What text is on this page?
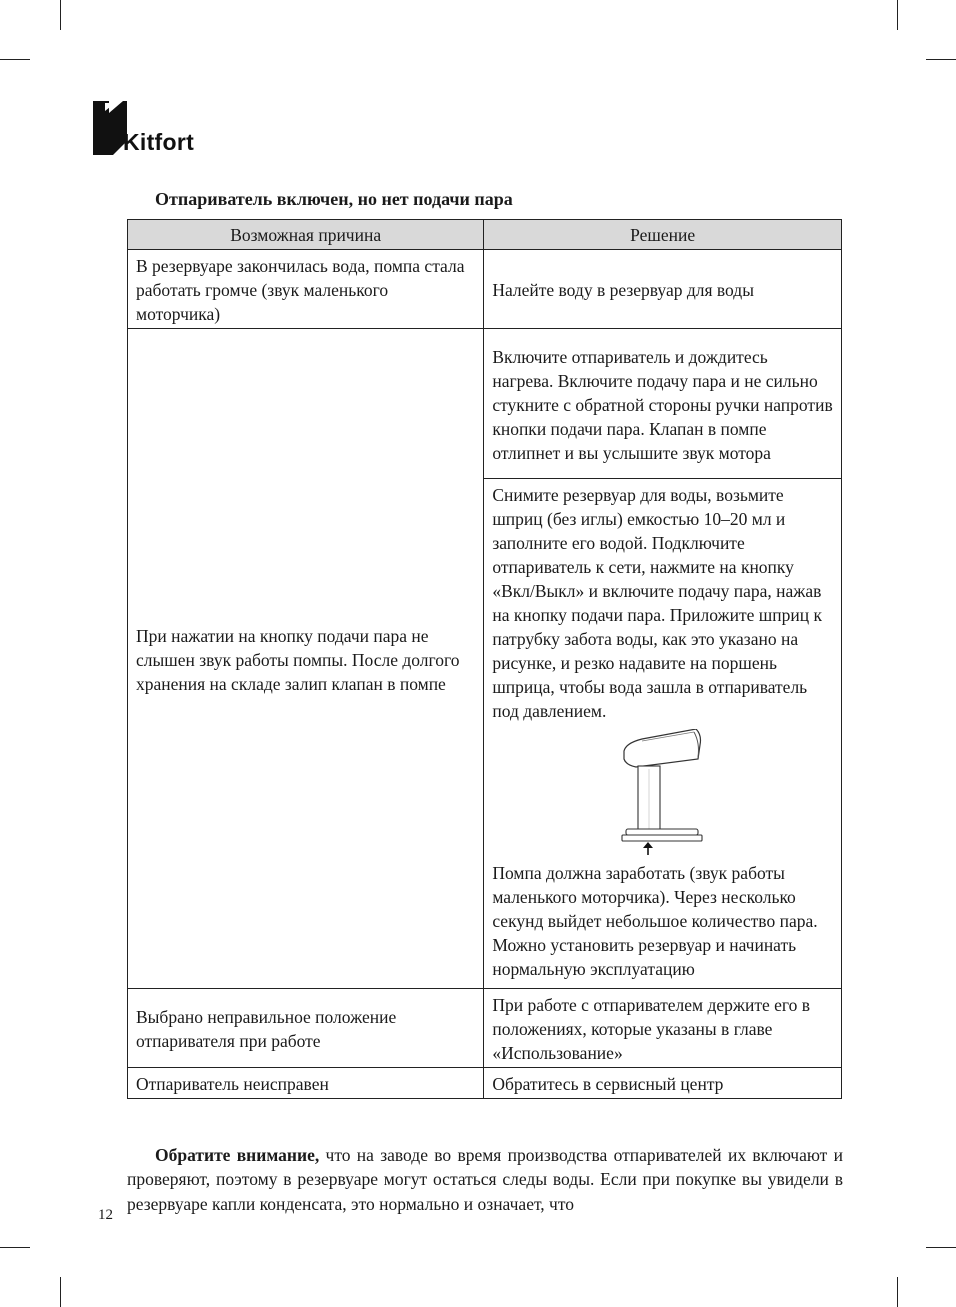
Kitfort
Отпариватель включен, но нет подачи пара
Возможная причина	Решение
В резервуаре закончилась вода, помпа стала работать громче (звук маленького моторчика)	Налейте воду в резервуар для воды
При нажатии на кнопку подачи пара не слышен звук работы помпы. После долгого хранения на складе залип клапан в помпе	Включите отпариватель и дождитесь нагрева. Включите подачу пара и не сильно стукните с обратной стороны ручки напротив кнопки подачи пара. Клапан в помпе отлипнет и вы услышите звук мотора

	Снимите резервуар для воды, возьмите шприц (без иглы) емкостью 10–20 мл и заполните его водой. Подключите отпариватель к сети, нажмите на кнопку «Вкл/Выкл» и включите подачу пара, нажав на кнопку подачи пара. Приложите шприц к патрубку забота воды, как это указано на рисунке, и резко надавите на поршень шприца, чтобы вода зашла в отпариватель под давлением.
Помпа должна заработать (звук работы маленького моторчика). Через несколько секунд выйдет небольшое количество пара. Можно установить резервуар и начинать нормальную эксплуатацию

Выбрано неправильное положение отпаривателя при работе	При работе с отпаривателем держите его в положениях, которые указаны в главе «Использование»
Отпариватель неисправен	Обратитесь в сервисный центр

Обратите внимание, что на заводе во время производства отпаривателей их включают и проверяют, поэтому в резервуаре могут остаться следы воды. Если при покупке вы увидели в резервуаре капли конденсата, это нормально и означает, что

12
